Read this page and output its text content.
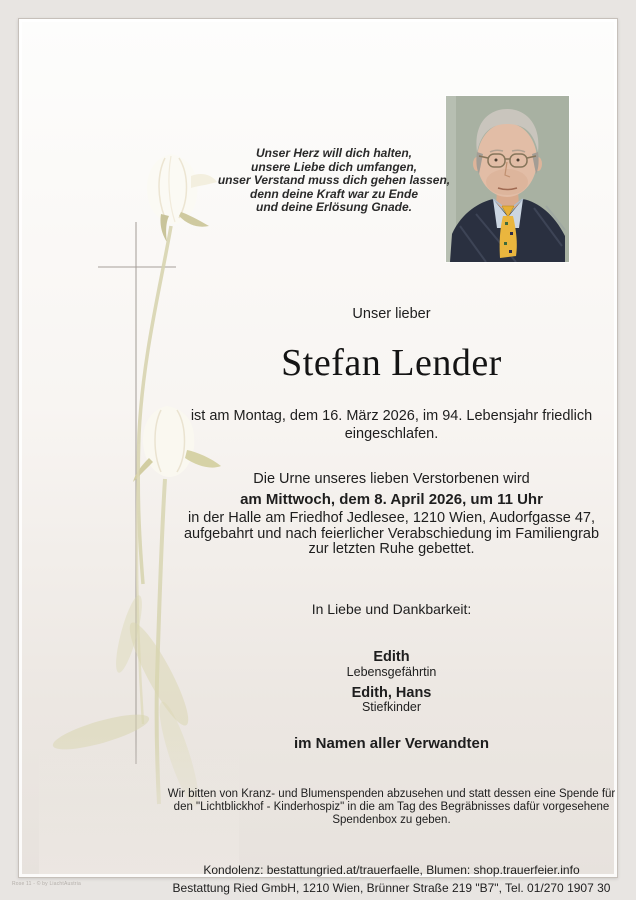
Unser Herz will dich halten,
unsere Liebe dich umfangen,
unser Verstand muss dich gehen lassen,
denn deine Kraft war zu Ende
und deine Erlösung Gnade.
Unser lieber
Stefan Lender
ist am Montag, dem 16. März 2026, im 94. Lebensjahr friedlich
eingeschlafen.
Die Urne unseres lieben Verstorbenen wird
am Mittwoch, dem 8. April 2026, um 11 Uhr
in der Halle am Friedhof Jedlesee, 1210 Wien, Audorfgasse 47,
aufgebahrt und nach feierlicher Verabschiedung im Familiengrab
zur letzten Ruhe gebettet.
In Liebe und Dankbarkeit:
Edith
Lebensgefährtin
Edith, Hans
Stiefkinder
im Namen aller Verwandten
Wir bitten von Kranz- und Blumenspenden abzusehen und statt dessen eine Spende für
den "Lichtblickhof - Kinderhospiz" in die am Tag des Begräbnisses dafür vorgesehene
Spendenbox zu geben.
Kondolenz: bestattungried.at/trauerfaelle, Blumen: shop.trauerfeier.info
Bestattung Ried GmbH, 1210 Wien, Brünner Straße 219 "B7", Tel. 01/270 1907 30
Rose 11 - © by LiachtAustria
